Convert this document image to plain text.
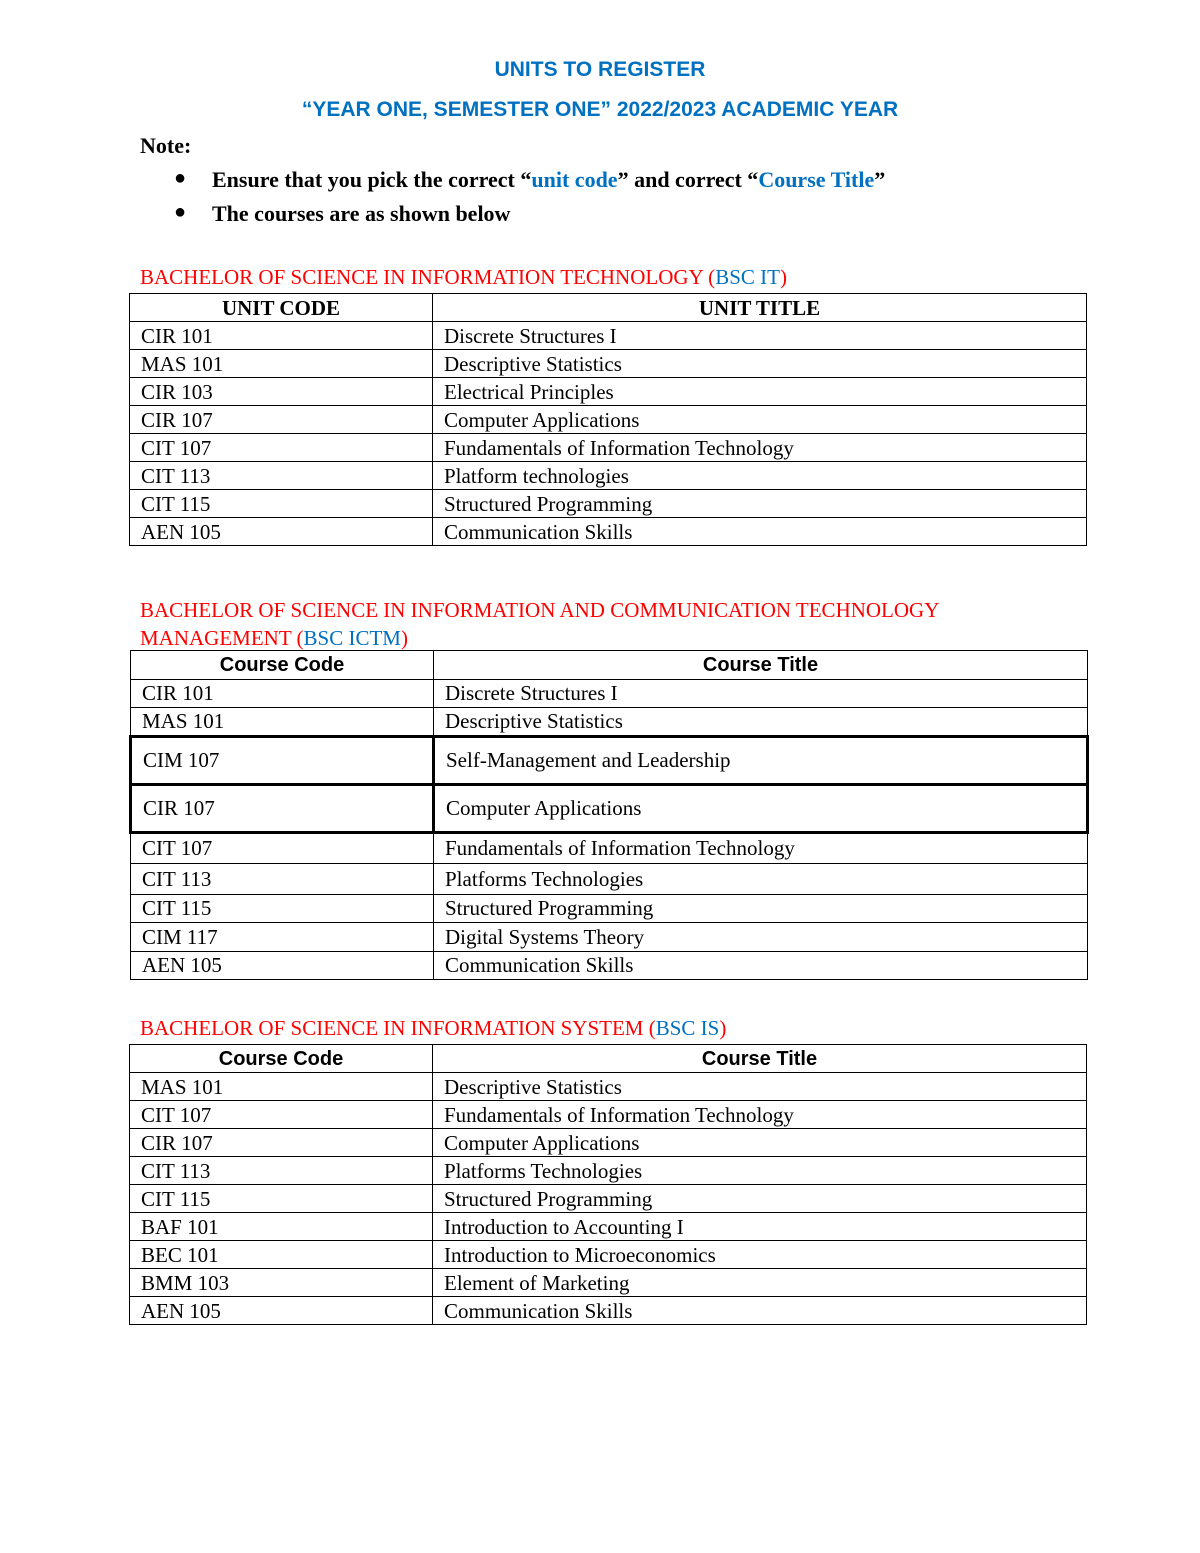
UNITS TO REGISTER
“YEAR ONE, SEMESTER ONE” 2022/2023 ACADEMIC YEAR
Note:
● Ensure that you pick the correct “unit code” and correct “Course Title”
● The courses are as shown below
BACHELOR OF SCIENCE IN INFORMATION TECHNOLOGY (BSC IT)
UNIT CODE	UNIT TITLE
CIR 101	Discrete Structures I
MAS 101	Descriptive Statistics
CIR 103	Electrical Principles
CIR 107	Computer Applications
CIT 107	Fundamentals of Information Technology
CIT 113	Platform technologies
CIT 115	Structured Programming
AEN 105	Communication Skills
BACHELOR OF SCIENCE IN INFORMATION AND COMMUNICATION TECHNOLOGY MANAGEMENT (BSC ICTM)
Course Code	Course Title
CIR 101	Discrete Structures I
MAS 101	Descriptive Statistics
CIM 107	Self-Management and Leadership
CIR 107	Computer Applications
CIT 107	Fundamentals of Information Technology
CIT 113	Platforms Technologies
CIT 115	Structured Programming
CIM 117	Digital Systems Theory
AEN 105	Communication Skills
BACHELOR OF SCIENCE IN INFORMATION SYSTEM (BSC IS)
Course Code	Course Title
MAS 101	Descriptive Statistics
CIT 107	Fundamentals of Information Technology
CIR 107	Computer Applications
CIT 113	Platforms Technologies
CIT 115	Structured Programming
BAF 101	Introduction to Accounting I
BEC 101	Introduction to Microeconomics
BMM 103	Element of Marketing
AEN 105	Communication Skills
